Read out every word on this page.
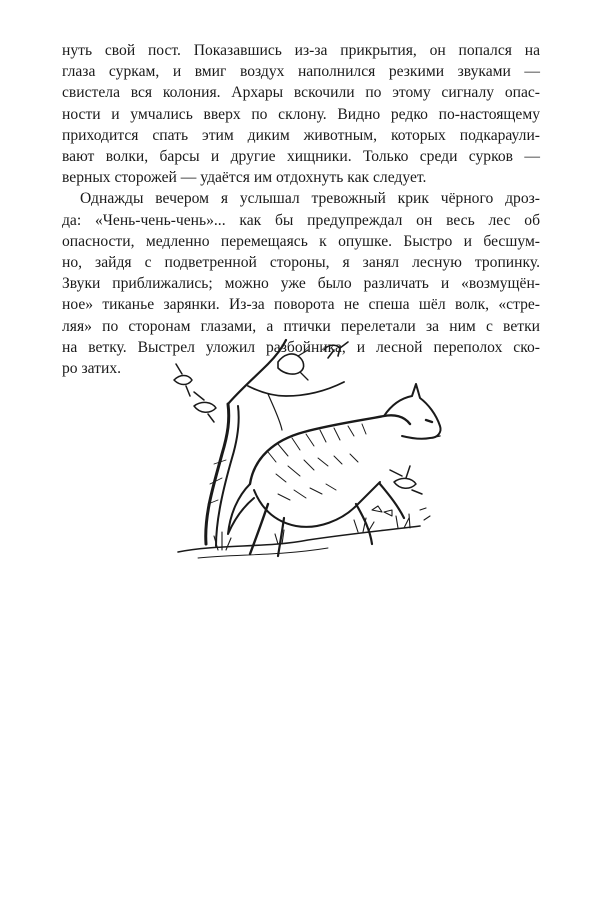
нуть свой пост. Показавшись из-за прикрытия, он попался на
глаза суркам, и вмиг воздух наполнился резкими звуками —
свистела вся колония. Архары вскочили по этому сигналу опас-
ности и умчались вверх по склону. Видно редко по-настоящему
приходится спать этим диким животным, которых подкараули-
вают волки, барсы и другие хищники. Только среди сурков —
верных сторожей — удаётся им отдохнуть как следует.
Однажды вечером я услышал тревожный крик чёрного дроз-
да: «Чень-чень-чень»... как бы предупреждал он весь лес об
опасности, медленно перемещаясь к опушке. Быстро и бесшум-
но, зайдя с подветренной стороны, я занял лесную тропинку.
Звуки приближались; можно уже было различать и «возмущён-
ное» тиканье зарянки. Из-за поворота не спеша шёл волк, «стре-
ляя» по сторонам глазами, а птички перелетали за ним с ветки
на ветку. Выстрел уложил разбойника, и лесной переполох ско-
ро затих.
